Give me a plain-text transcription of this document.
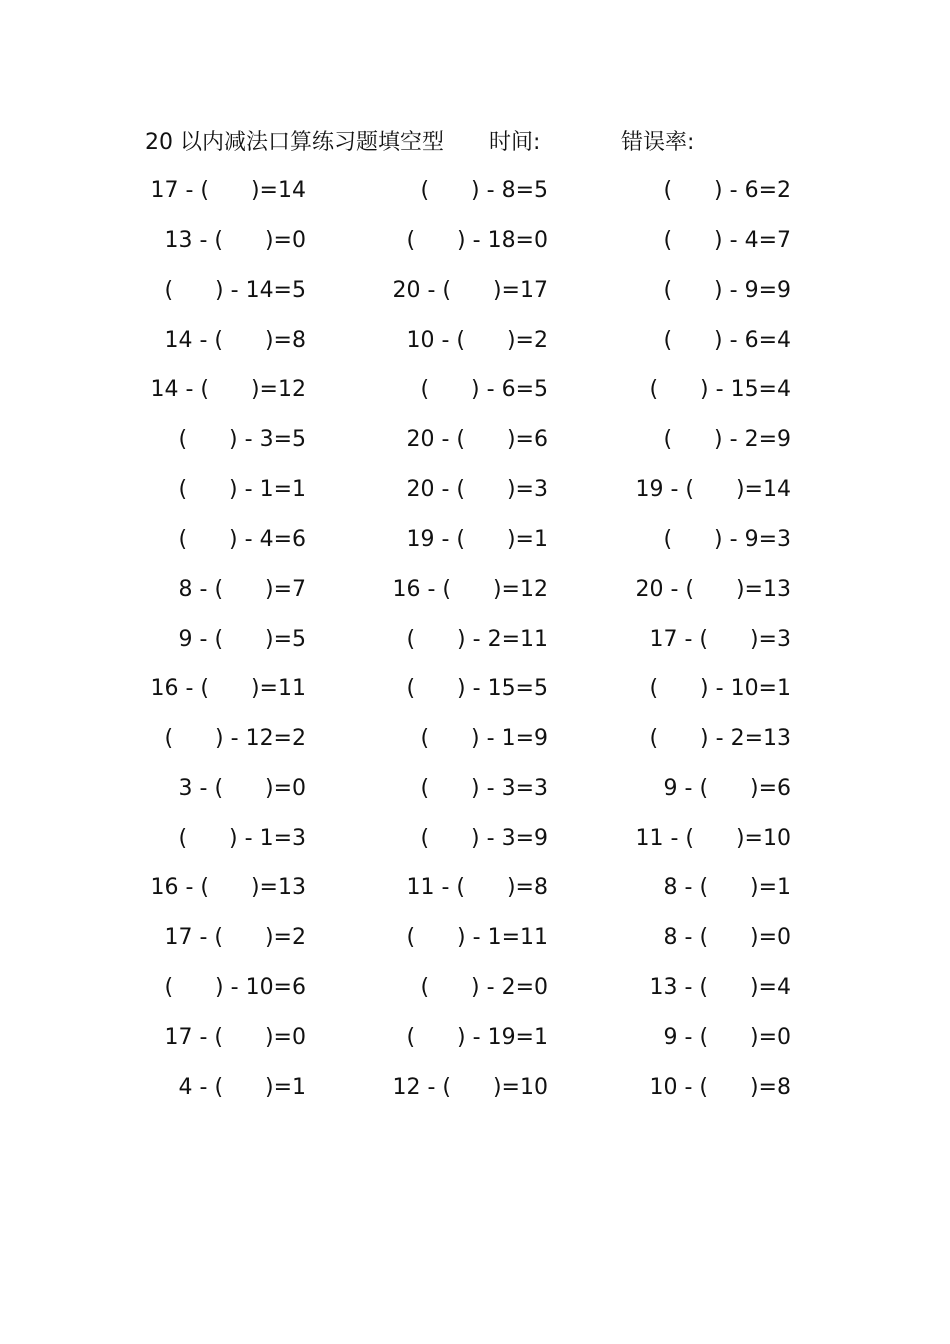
20 以内减法口算练习题填空型 时间:	错误率:
17 - (      )=14	(      ) - 8=5	(      ) - 6=2
13 - (      )=0	(      ) - 18=0	(      ) - 4=7
(      ) - 14=5	20 - (      )=17	(      ) - 9=9
14 - (      )=8	10 - (      )=2	(      ) - 6=4
14 - (      )=12	(      ) - 6=5	(      ) - 15=4
(      ) - 3=5	20 - (      )=6	(      ) - 2=9
(      ) - 1=1	20 - (      )=3	19 - (      )=14
(      ) - 4=6	19 - (      )=1	(      ) - 9=3
8 - (      )=7	16 - (      )=12	20 - (      )=13
9 - (      )=5	(      ) - 2=11	17 - (      )=3
16 - (      )=11	(      ) - 15=5	(      ) - 10=1
(      ) - 12=2	(      ) - 1=9	(      ) - 2=13
3 - (      )=0	(      ) - 3=3	9 - (      )=6
(      ) - 1=3	(      ) - 3=9	11 - (      )=10
16 - (      )=13	11 - (      )=8	8 - (      )=1
17 - (      )=2	(      ) - 1=11	8 - (      )=0
(      ) - 10=6	(      ) - 2=0	13 - (      )=4
17 - (      )=0	(      ) - 19=1	9 - (      )=0
4 - (      )=1	12 - (      )=10	10 - (      )=8
